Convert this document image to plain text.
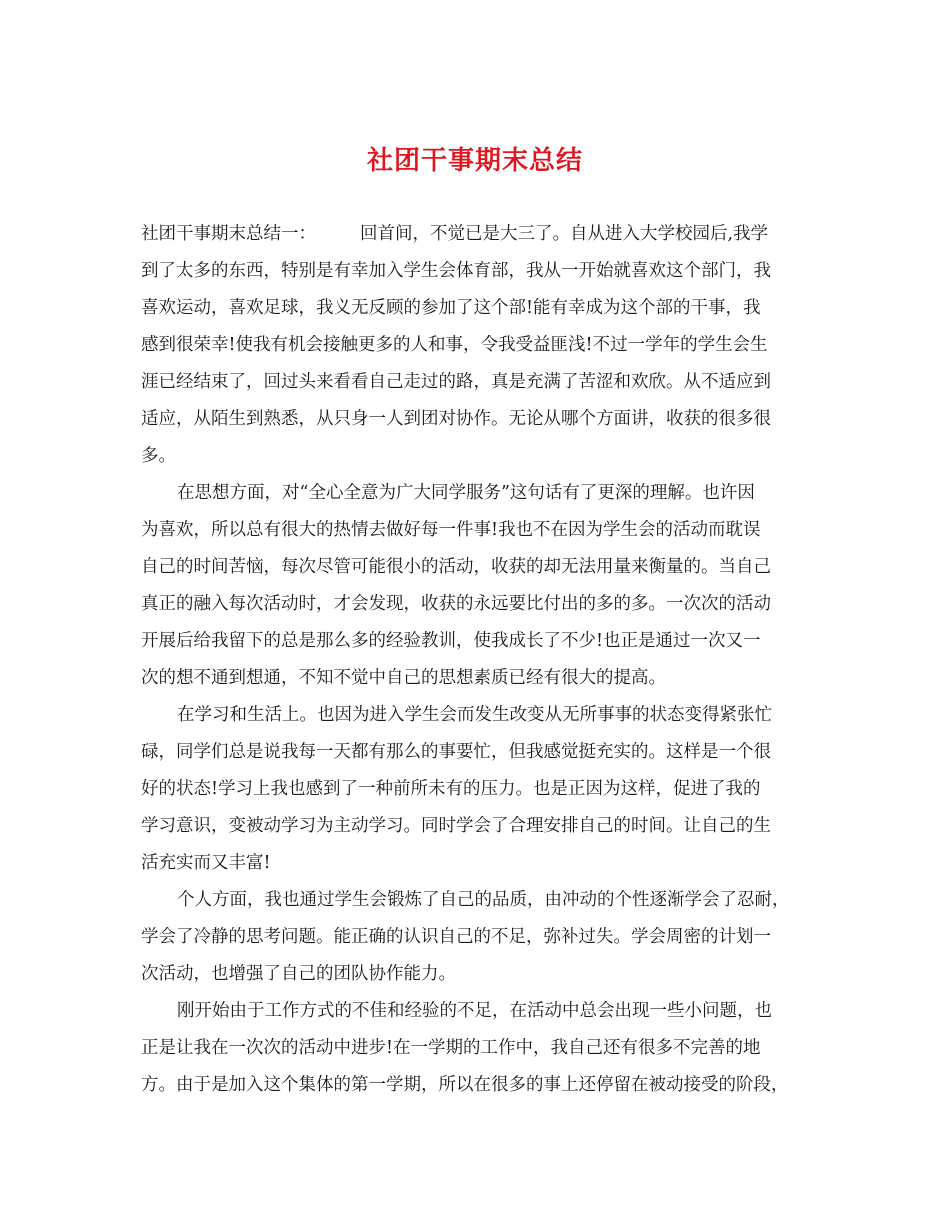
社团干事期末总结
社团干事期末总结一：	回首间，不觉已是大三了。自从进入大学校园后,我学
到了太多的东西，特别是有幸加入学生会体育部，我从一开始就喜欢这个部门，我
喜欢运动，喜欢足球，我义无反顾的参加了这个部!能有幸成为这个部的干事，我
感到很荣幸!使我有机会接触更多的人和事，令我受益匪浅!不过一学年的学生会生
涯已经结束了，回过头来看看自己走过的路，真是充满了苦涩和欢欣。从不适应到
适应，从陌生到熟悉，从只身一人到团对协作。无论从哪个方面讲，收获的很多很
多。
在思想方面，对“全心全意为广大同学服务”这句话有了更深的理解。也许因
为喜欢，所以总有很大的热情去做好每一件事!我也不在因为学生会的活动而耽误
自己的时间苦恼，每次尽管可能很小的活动，收获的却无法用量来衡量的。当自己
真正的融入每次活动时，才会发现，收获的永远要比付出的多的多。一次次的活动
开展后给我留下的总是那么多的经验教训，使我成长了不少!也正是通过一次又一
次的想不通到想通，不知不觉中自己的思想素质已经有很大的提高。
在学习和生活上。也因为进入学生会而发生改变从无所事事的状态变得紧张忙
碌，同学们总是说我每一天都有那么的事要忙，但我感觉挺充实的。这样是一个很
好的状态!学习上我也感到了一种前所未有的压力。也是正因为这样，促进了我的
学习意识，变被动学习为主动学习。同时学会了合理安排自己的时间。让自己的生
活充实而又丰富!
个人方面，我也通过学生会锻炼了自己的品质，由冲动的个性逐渐学会了忍耐，
学会了冷静的思考问题。能正确的认识自己的不足，弥补过失。学会周密的计划一
次活动，也增强了自己的团队协作能力。
刚开始由于工作方式的不佳和经验的不足，在活动中总会出现一些小问题，也
正是让我在一次次的活动中进步!在一学期的工作中，我自己还有很多不完善的地
方。由于是加入这个集体的第一学期，所以在很多的事上还停留在被动接受的阶段，
